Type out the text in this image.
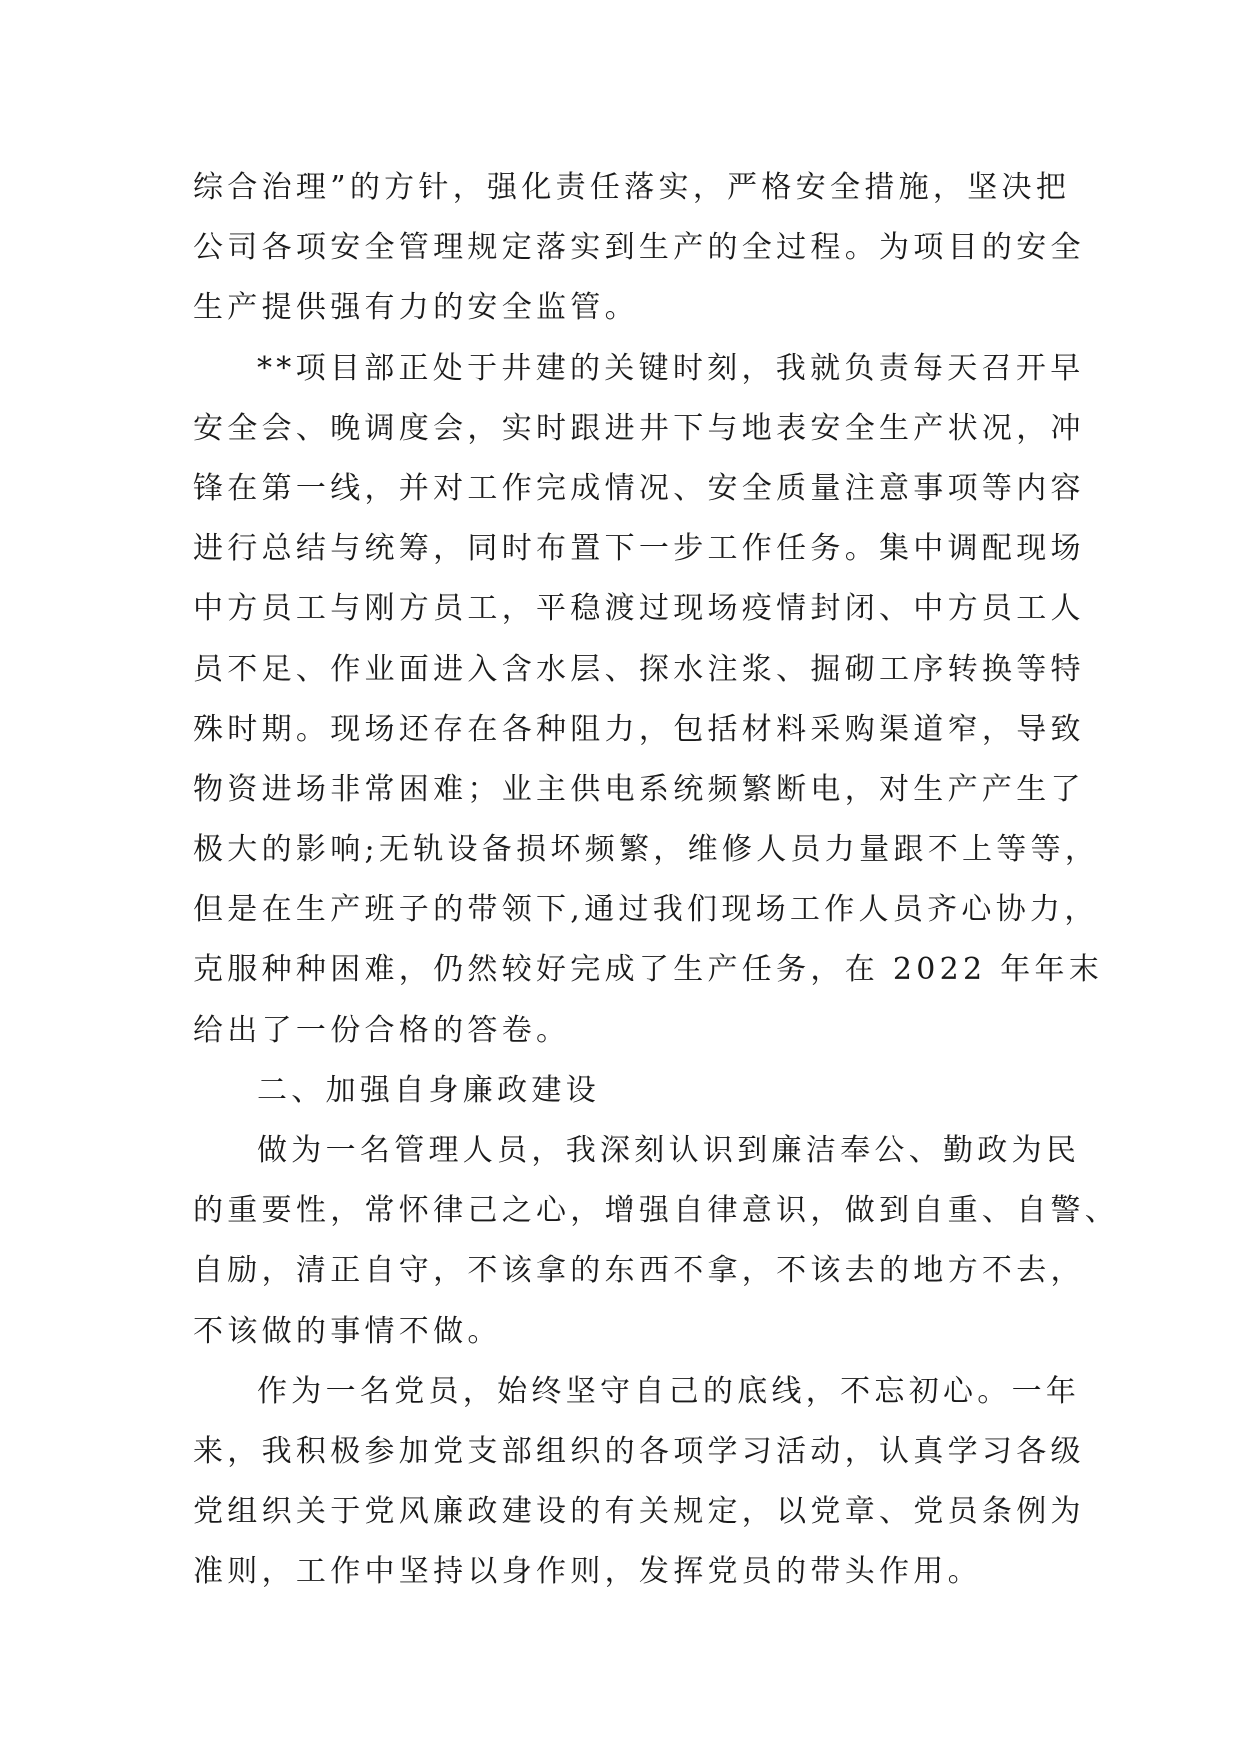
综合治理”的方针，强化责任落实，严格安全措施，坚决把
公司各项安全管理规定落实到生产的全过程。为项目的安全
生产提供强有力的安全监管。
**项目部正处于井建的关键时刻，我就负责每天召开早
安全会、晚调度会，实时跟进井下与地表安全生产状况，冲
锋在第一线，并对工作完成情况、安全质量注意事项等内容
进行总结与统筹，同时布置下一步工作任务。集中调配现场
中方员工与刚方员工，平稳渡过现场疫情封闭、中方员工人
员不足、作业面进入含水层、探水注浆、掘砌工序转换等特
殊时期。现场还存在各种阻力，包括材料采购渠道窄，导致
物资进场非常困难；业主供电系统频繁断电，对生产产生了
极大的影响;无轨设备损坏频繁，维修人员力量跟不上等等，
但是在生产班子的带领下,通过我们现场工作人员齐心协力，
克服种种困难，仍然较好完成了生产任务，在 2022 年年末
给出了一份合格的答卷。
二、加强自身廉政建设
做为一名管理人员，我深刻认识到廉洁奉公、勤政为民
的重要性，常怀律己之心，增强自律意识，做到自重、自警、
自励，清正自守，不该拿的东西不拿，不该去的地方不去，
不该做的事情不做。
作为一名党员，始终坚守自己的底线，不忘初心。一年
来，我积极参加党支部组织的各项学习活动，认真学习各级
党组织关于党风廉政建设的有关规定，以党章、党员条例为
准则，工作中坚持以身作则，发挥党员的带头作用。
